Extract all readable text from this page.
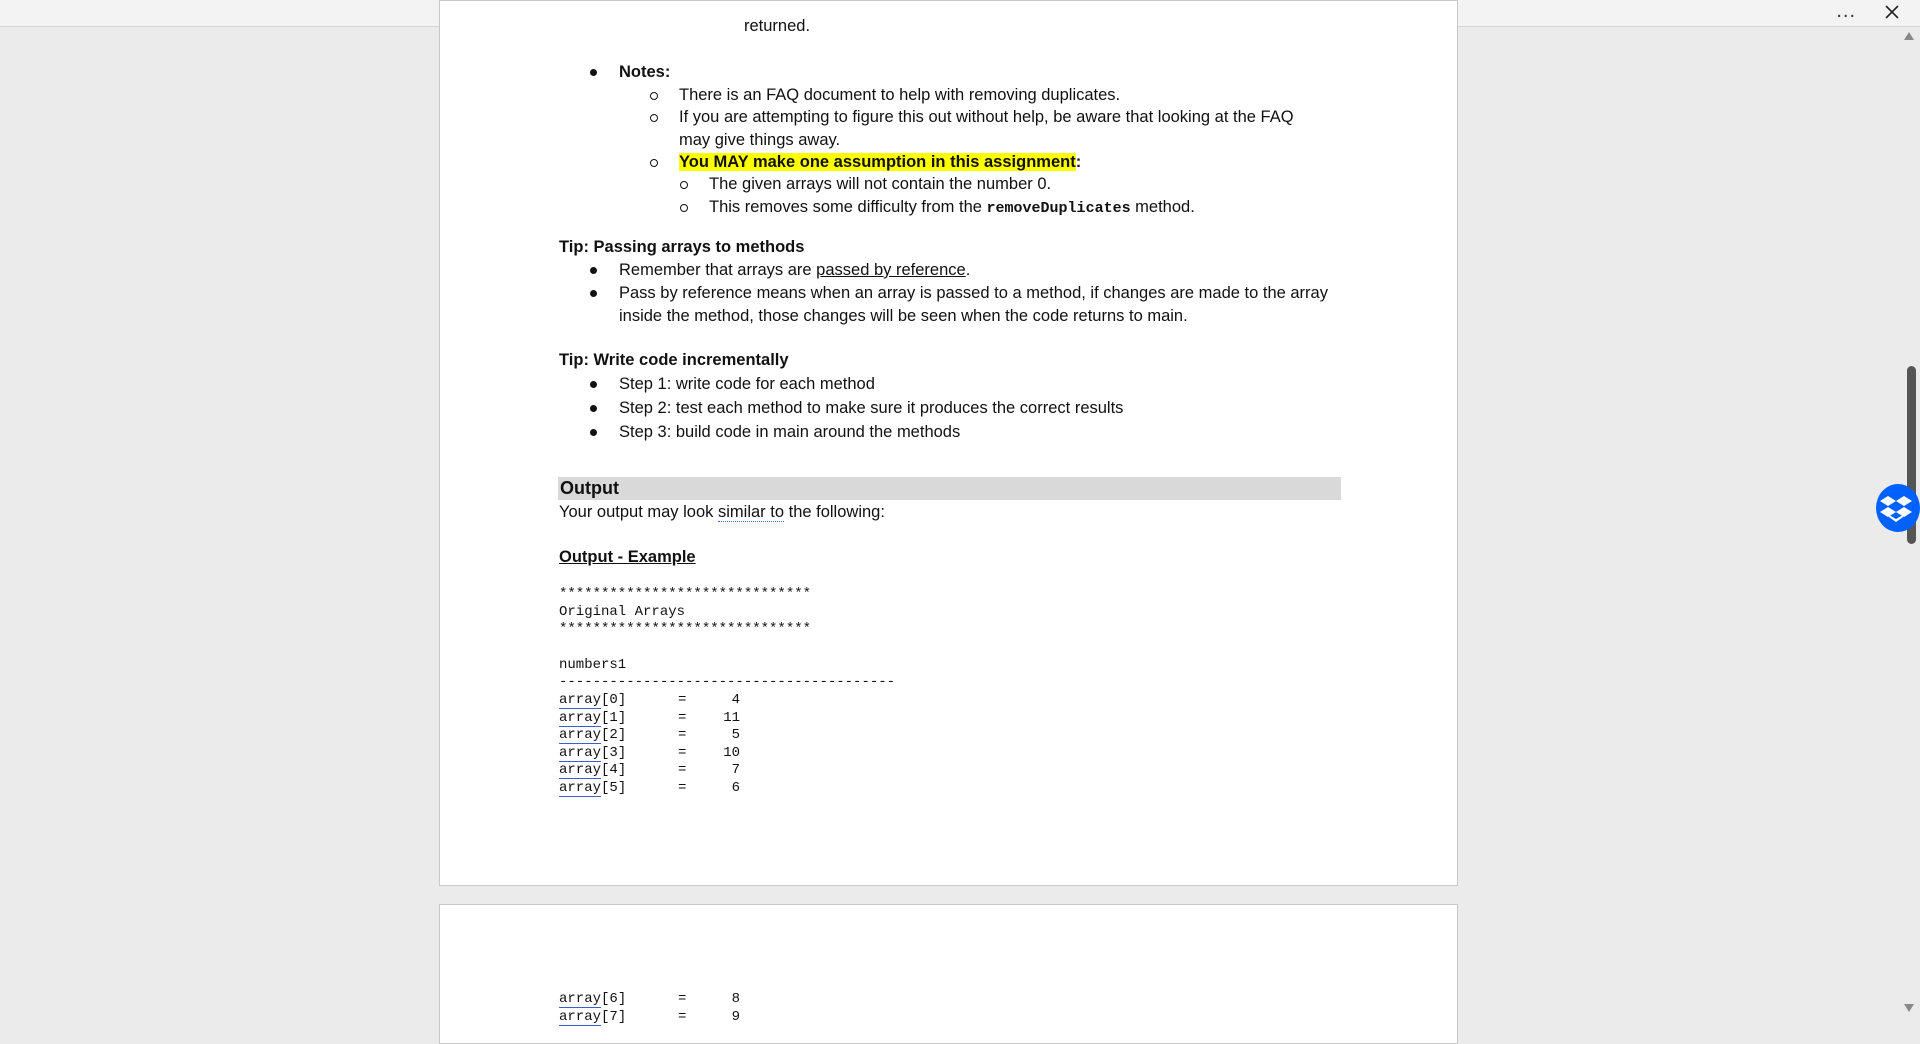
...
returned.
Notes:
There is an FAQ document to help with removing duplicates.
If you are attempting to figure this out without help, be aware that looking at the FAQ
may give things away.
You MAY make one assumption in this assignment:
The given arrays will not contain the number 0.
This removes some difficulty from the removeDuplicates method.
Tip: Passing arrays to methods
Remember that arrays are passed by reference.
Pass by reference means when an array is passed to a method, if changes are made to the array
inside the method, those changes will be seen when the code returns to main.
Tip: Write code incrementally
Step 1: write code for each method
Step 2: test each method to make sure it produces the correct results
Step 3: build code in main around the methods
Output
Your output may look similar to the following:
Output - Example
******************************
Original Arrays
******************************
numbers1
----------------------------------------
array[0]	=	4
array[1]	=	11
array[2]	=	5
array[3]	=	10
array[4]	=	7
array[5]	=	6
array[6]	=	8
array[7]	=	9
